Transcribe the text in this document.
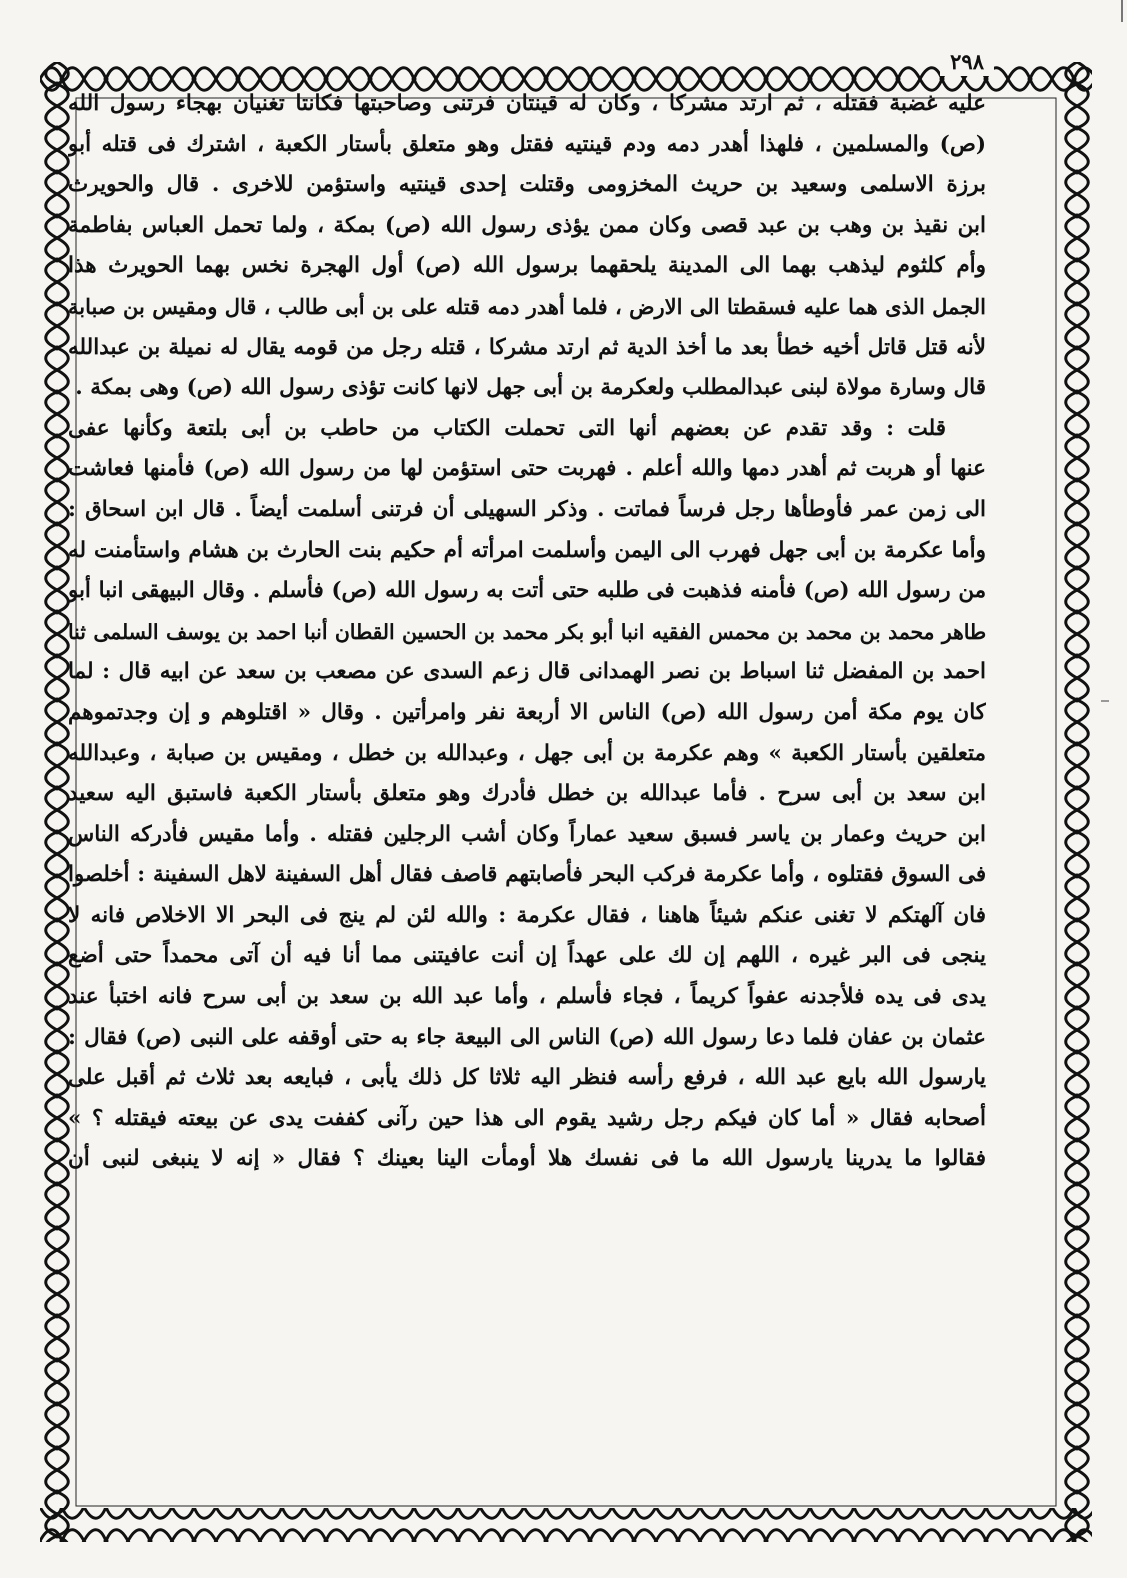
٢٩٨
عليه غضبة فقتله ، ثم ارتد مشركا ، وكان له قينتان فرتنى وصاحبتها فكانتا تغنيان بهجاء رسول الله
(ص) والمسلمين ، فلهذا أهدر دمه ودم قينتيه فقتل وهو متعلق بأستار الكعبة ، اشترك فى قتله أبو
برزة الاسلمى وسعيد بن حريث المخزومى وقتلت إحدى قينتيه واستؤمن للاخرى . قال والحويرث
ابن نقيذ بن وهب بن عبد قصى وكان ممن يؤذى رسول الله (ص) بمكة ، ولما تحمل العباس بفاطمة
وأم كلثوم ليذهب بهما الى المدينة يلحقهما برسول الله (ص) أول الهجرة نخس بهما الحويرث هذا
الجمل الذى هما عليه فسقطتا الى الارض ، فلما أهدر دمه قتله على بن أبى طالب ، قال ومقيس بن صبابة
لأنه قتل قاتل أخيه خطأ بعد ما أخذ الدية ثم ارتد مشركا ، قتله رجل من قومه يقال له نميلة بن عبدالله
قال وسارة مولاة لبنى عبدالمطلب ولعكرمة بن أبى جهل لانها كانت تؤذى رسول الله (ص) وهى بمكة .
قلت : وقد تقدم عن بعضهم أنها التى تحملت الكتاب من حاطب بن أبى بلتعة وكأنها عفى
عنها أو هربت ثم أهدر دمها والله أعلم . فهربت حتى استؤمن لها من رسول الله (ص) فأمنها فعاشت
الى زمن عمر فأوطأها رجل فرساً فماتت . وذكر السهيلى أن فرتنى أسلمت أيضاً . قال ابن اسحاق :
وأما عكرمة بن أبى جهل فهرب الى اليمن وأسلمت امرأته أم حكيم بنت الحارث بن هشام واستأمنت له
من رسول الله (ص) فأمنه فذهبت فى طلبه حتى أتت به رسول الله (ص) فأسلم . وقال البيهقى انبا أبو
طاهر محمد بن محمد بن محمس الفقيه انبا أبو بكر محمد بن الحسين القطان أنبا احمد بن يوسف السلمى ثنا
احمد بن المفضل ثنا اسباط بن نصر الهمدانى قال زعم السدى عن مصعب بن سعد عن ابيه قال : لما
كان يوم مكة أمن رسول الله (ص) الناس الا أربعة نفر وامرأتين . وقال « اقتلوهم و إن وجدتموهم
متعلقين بأستار الكعبة » وهم عكرمة بن أبى جهل ، وعبدالله بن خطل ، ومقيس بن صبابة ، وعبدالله
ابن سعد بن أبى سرح . فأما عبدالله بن خطل فأدرك وهو متعلق بأستار الكعبة فاستبق اليه سعيد
ابن حريث وعمار بن ياسر فسبق سعيد عماراً وكان أشب الرجلين فقتله . وأما مقيس فأدركه الناس
فى السوق فقتلوه ، وأما عكرمة فركب البحر فأصابتهم قاصف فقال أهل السفينة لاهل السفينة : أخلصوا
فان آلهتكم لا تغنى عنكم شيئاً هاهنا ، فقال عكرمة : والله لئن لم ينج فى البحر الا الاخلاص فانه لا
ينجى فى البر غيره ، اللهم إن لك على عهداً إن أنت عافيتنى مما أنا فيه أن آتى محمداً حتى أضع
يدى فى يده فلأجدنه عفواً كريماً ، فجاء فأسلم ، وأما عبد الله بن سعد بن أبى سرح فانه اختبأ عند
عثمان بن عفان فلما دعا رسول الله (ص) الناس الى البيعة جاء به حتى أوقفه على النبى (ص) فقال :
يارسول الله بايع عبد الله ، فرفع رأسه فنظر اليه ثلاثا كل ذلك يأبى ، فبايعه بعد ثلاث ثم أقبل على
أصحابه فقال « أما كان فيكم رجل رشيد يقوم الى هذا حين رآنى كففت يدى عن بيعته فيقتله ؟ »
فقالوا ما يدرينا يارسول الله ما فى نفسك هلا أومأت الينا بعينك ؟ فقال « إنه لا ينبغى لنبى أن
